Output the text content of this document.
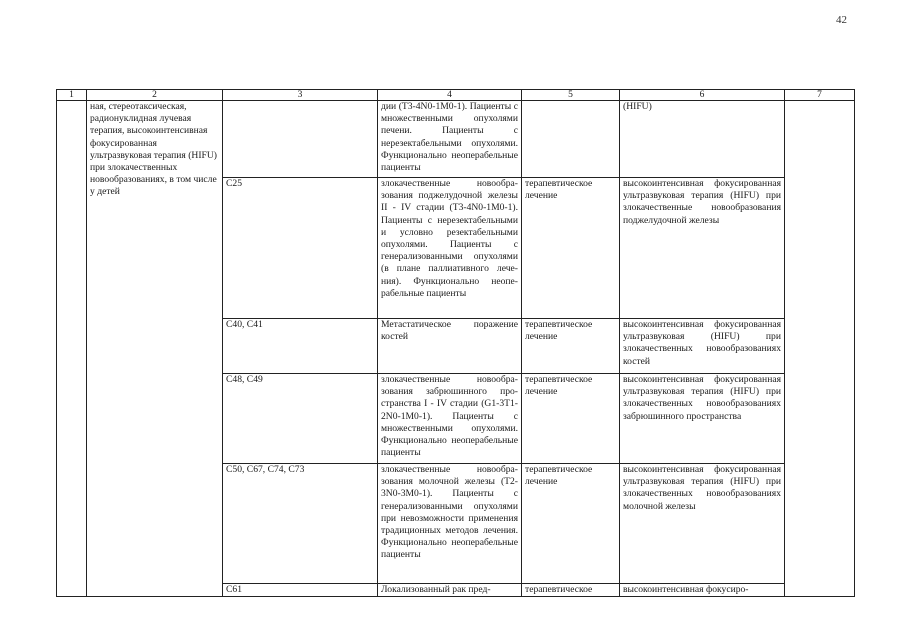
42
1	2	3	4	5	6	7
	ная, стереотаксическая, радионуклидная лучевая терапия, высокоинтенсивная фокусированная ультразвуковая терапия (HIFU) при злокачественных новообразованиях, в том числе у детей		дии (Т3-4N0-1М0-1). Пациенты с множественными опухолями печени. Пациенты с нерезектабельными опухолями. Функционально неоперабельные пациенты		(HIFU)	
		C25	злокачественные новообразования поджелудочной железы II - IV стадии (Т3-4N0-1М0-1). Пациенты с нерезектабельными и условно резектабельными опухолями. Пациенты с генерализованными опухолями (в плане паллиативного лечения). Функционально неоперабельные пациенты	терапевтическое лечение	высокоинтенсивная фокусированная ультразвуковая терапия (HIFU) при злокачественные новообразования поджелудочной железы	
		C40, C41	Метастатическое поражение костей	терапевтическое лечение	высокоинтенсивная фокусированная ультразвуковая (HIFU) при злокачественных новообразованиях костей	
		C48, C49	злокачественные новообразования забрюшинного пространства I - IV стадии (G1-3Т1-2N0-1М0-1). Пациенты с множественными опухолями. Функционально неоперабельные пациенты	терапевтическое лечение	высокоинтенсивная фокусированная ультразвуковая терапия (HIFU) при злокачественных новообразованиях забрюшинного пространства	
		C50, C67, C74, C73	злокачественные новообразования молочной железы (Т2-3N0-3М0-1). Пациенты с генерализованными опухолями при невозможности применения традиционных методов лечения. Функционально неоперабельные пациенты	терапевтическое лечение	высокоинтенсивная фокусированная ультразвуковая терапия (HIFU) при злокачественных новообразованиях молочной железы	
		C61	Локализованный рак пред-	терапевтическое	высокоинтенсивная фокусиро-	
